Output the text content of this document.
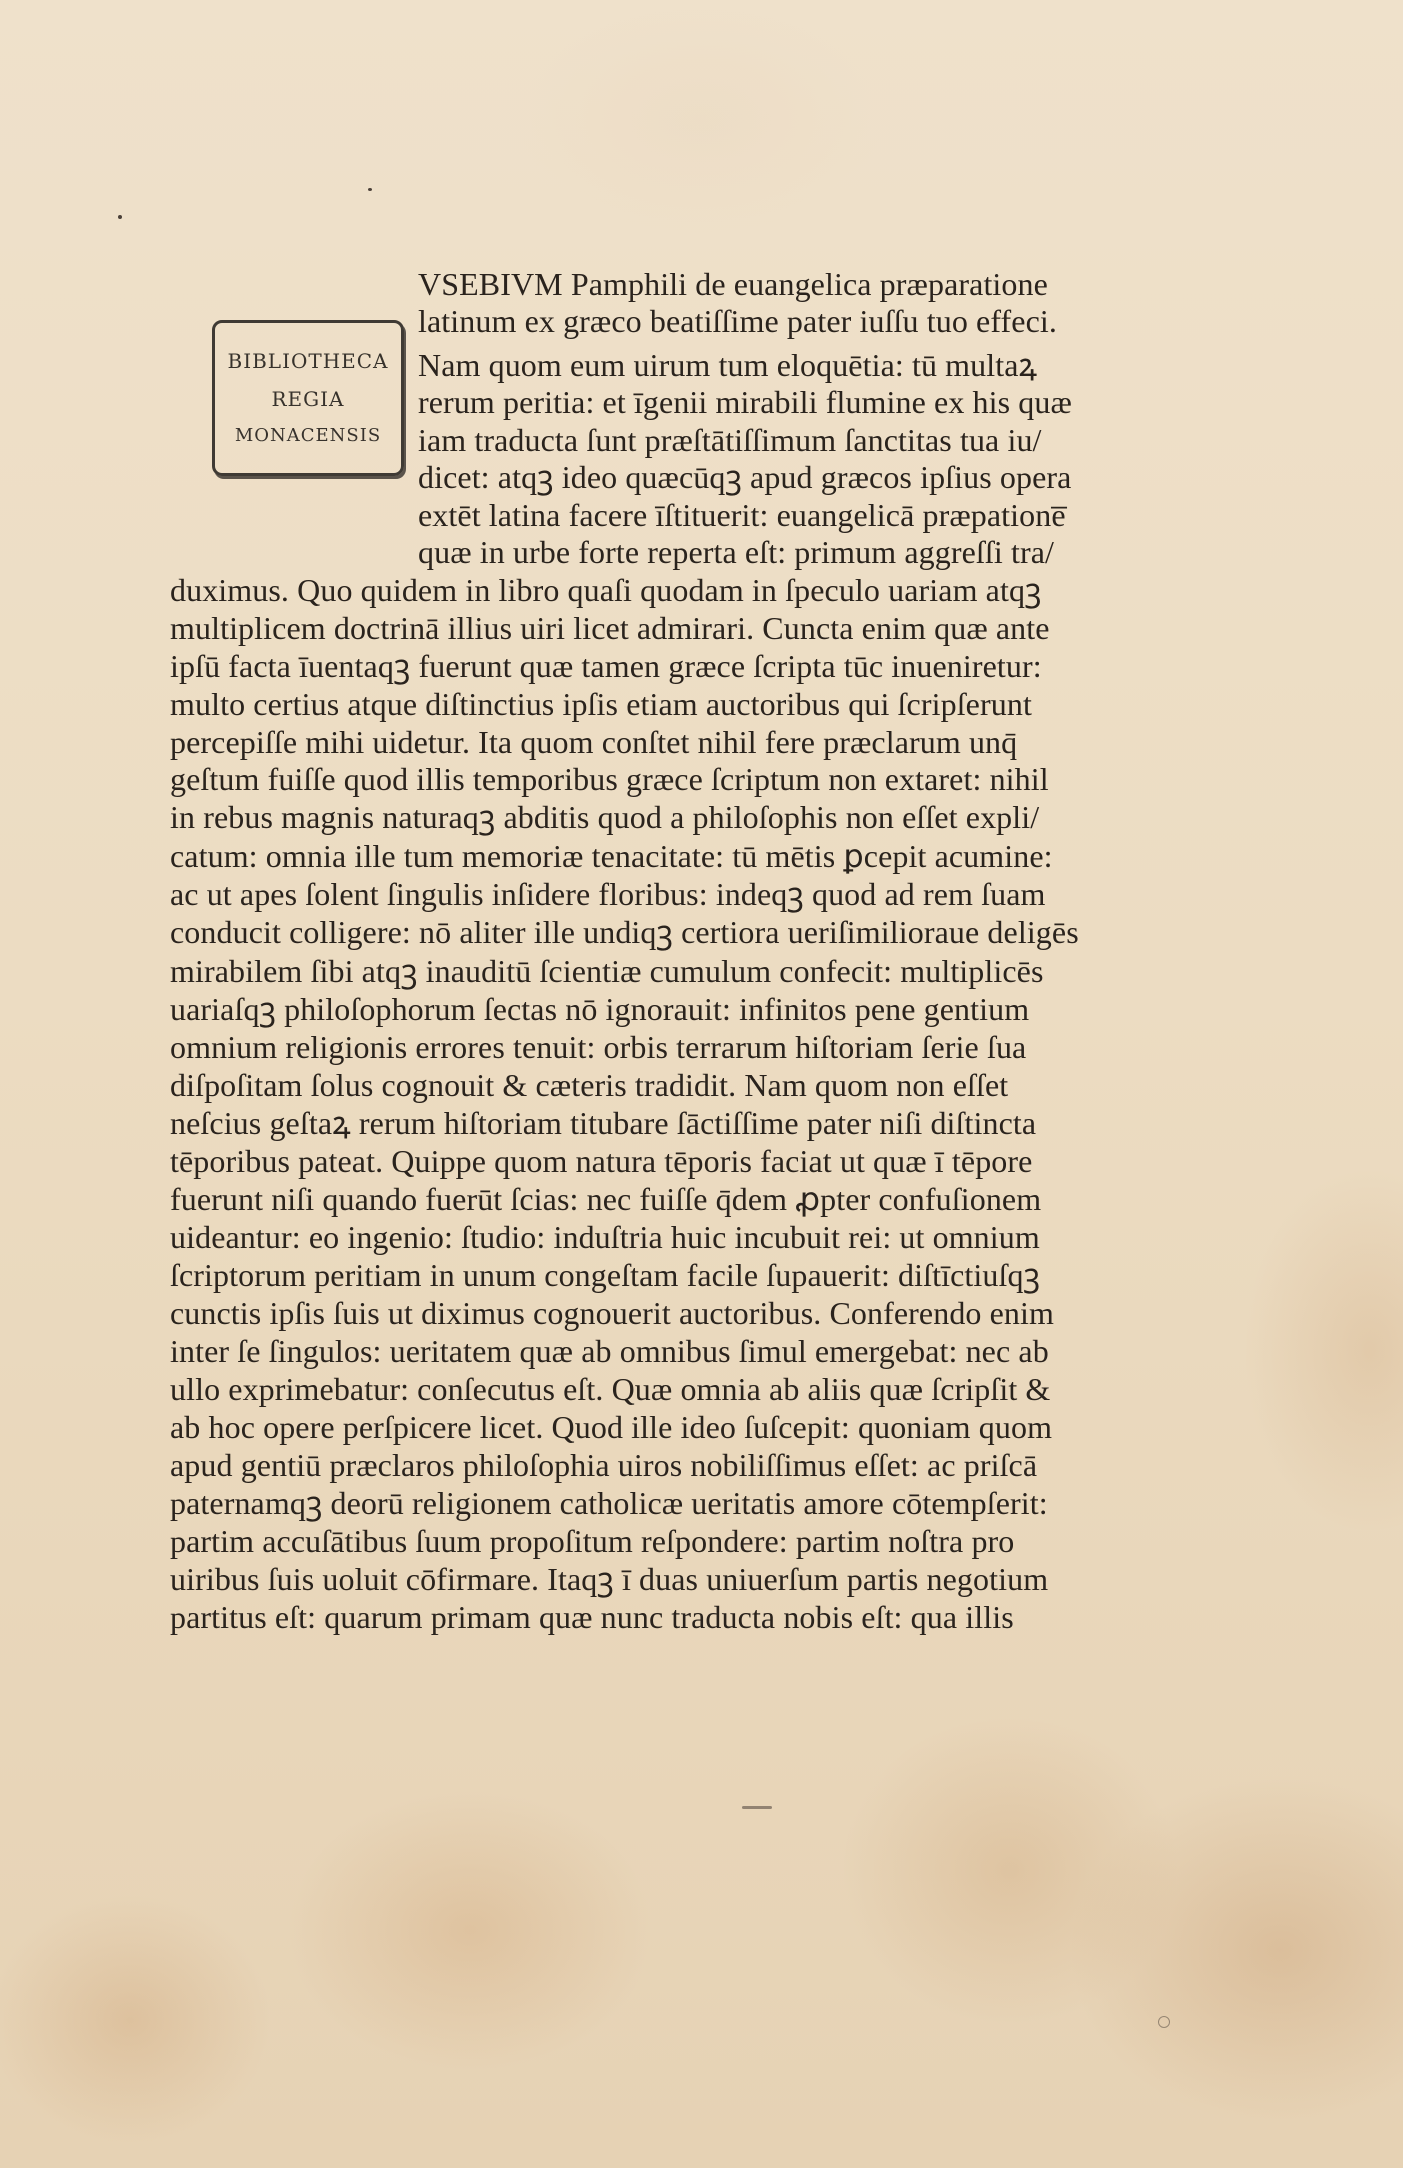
BIBLIOTHECA
REGIA
MONACENSIS
VSEBIVM Pamphili de euangelica præparatione
latinum ex græco beatiſſime pater iuſſu tuo effeci.
Nam quom eum uirum tum eloquētia: tū multaꝝ
rerum peritia: et īgenii mirabili flumine ex his quæ
iam traducta ſunt præſtātiſſimum ſanctitas tua iu/
dicet: atqꝫ ideo quæcūqꝫ apud græcos ipſius opera
extēt latina facere īſtituerit: euangelicā præpatione̅
quæ in urbe forte reperta eſt: primum aggreſſi tra/
duximus. Quo quidem in libro quaſi quodam in ſpeculo uariam atqꝫ
multiplicem doctrinā illius uiri licet admirari. Cuncta enim quæ ante
ipſū facta īuentaqꝫ fuerunt quæ tamen græce ſcripta tūc inueniretur:
multo certius atque diſtinctius ipſis etiam auctoribus qui ſcripſerunt
percepiſſe mihi uidetur. Ita quom conſtet nihil fere præclarum unq̄
geſtum fuiſſe quod illis temporibus græce ſcriptum non extaret: nihil
in rebus magnis naturaqꝫ abditis quod a philoſophis non eſſet expli/
catum: omnia ille tum memoriæ tenacitate: tū mētis ꝑcepit acumine:
ac ut apes ſolent ſingulis inſidere floribus: indeqꝫ quod ad rem ſuam
conducit colligere: nō aliter ille undiqꝫ certiora ueriſimilioraue deligēs
mirabilem ſibi atqꝫ inauditū ſcientiæ cumulum confecit: multiplicēs
uariaſqꝫ philoſophorum ſectas nō ignorauit: infinitos pene gentium
omnium religionis errores tenuit: orbis terrarum hiſtoriam ſerie ſua
diſpoſitam ſolus cognouit & cæteris tradidit. Nam quom non eſſet
neſcius geſtaꝝ rerum hiſtoriam titubare ſāctiſſime pater niſi diſtincta
tēporibus pateat. Quippe quom natura tēporis faciat ut quæ ī tēpore
fuerunt niſi quando fuerūt ſcias: nec fuiſſe q̄dem ꝓpter confuſionem
uideantur: eo ingenio: ſtudio: induſtria huic incubuit rei: ut omnium
ſcriptorum peritiam in unum congeſtam facile ſupauerit: diſtīctiuſqꝫ
cunctis ipſis ſuis ut diximus cognouerit auctoribus. Conferendo enim
inter ſe ſingulos: ueritatem quæ ab omnibus ſimul emergebat: nec ab
ullo exprimebatur: conſecutus eſt. Quæ omnia ab aliis quæ ſcripſit &
ab hoc opere perſpicere licet. Quod ille ideo ſuſcepit: quoniam quom
apud gentiū præclaros philoſophia uiros nobiliſſimus eſſet: ac priſcā
paternamqꝫ deorū religionem catholicæ ueritatis amore cōtempſerit:
partim accuſātibus ſuum propoſitum reſpondere: partim noſtra pro
uiribus ſuis uoluit cōfirmare. Itaqꝫ ī duas uniuerſum partis negotium
partitus eſt: quarum primam quæ nunc traducta nobis eſt: qua illis
